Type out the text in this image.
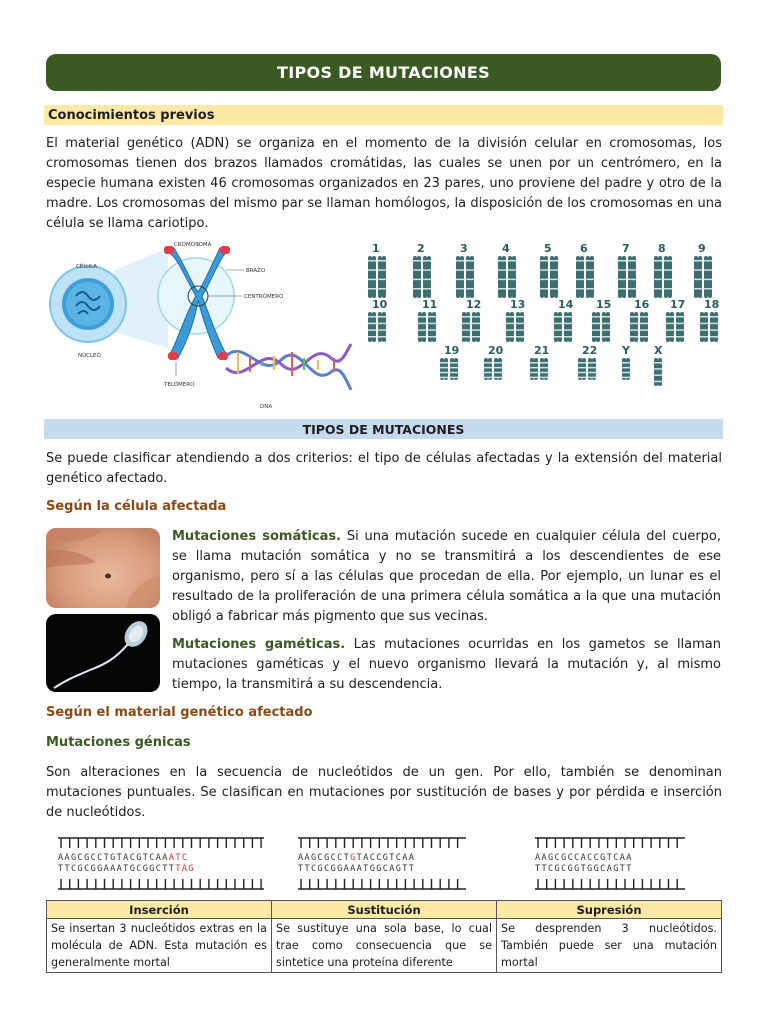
TIPOS DE MUTACIONES
Conocimientos previos
El material genético (ADN) se organiza en el momento de la división celular en cromosomas, los cromosomas tienen dos brazos llamados cromátidas, las cuales se unen por un centrómero, en la especie humana existen 46 cromosomas organizados en 23 pares, uno proviene del padre y otro de la madre. Los cromosomas del mismo par se llaman homólogos, la disposición de los cromosomas en una célula se llama cariotipo.
CÉLULA
NÚCLEO
CROMOSOMA
BRAZO
CENTRÓMERO
TELÓMERO
DNA
1	2	3	4	5	6	7	8	9
10	11	12	13	14 15 16 17 18
19	20	21	22 Y X
TIPOS DE MUTACIONES
Se puede clasificar atendiendo a dos criterios: el tipo de células afectadas y la extensión del material genético afectado.
Según la célula afectada
Mutaciones somáticas. Si una mutación sucede en cualquier célula del cuerpo, se llama mutación somática y no se transmitirá a los descendientes de ese organismo, pero sí a las células que procedan de ella. Por ejemplo, un lunar es el resultado de la proliferación de una primera célula somática a la que una mutación obligó a fabricar más pigmento que sus vecinas.
Mutaciones gaméticas. Las mutaciones ocurridas en los gametos se llaman mutaciones gaméticas y el nuevo organismo llevará la mutación y, al mismo tiempo, la transmitirá a su descendencia.
Según el material genético afectado
Mutaciones génicas
Son alteraciones en la secuencia de nucleótidos de un gen. Por ello, también se denominan mutaciones puntuales. Se clasifican en mutaciones por sustitución de bases y por pérdida e inserción de nucleótidos.
AAGCGCCTGTACGTCAAATC
TTCGCGGAAATGCGGCTTTAG
AAGCGCCTGTACCGTCAA
TTCGCGGAAATGGCAGTT
AAGCGCCACCGTCAA
TTCGCGGTGGCAGTT
Inserción	Sustitución	Supresión
Se insertan 3 nucleótidos extras en la molécula de ADN. Esta mutación es generalmente mortal	Se sustituye una sola base, lo cual trae como consecuencia que se sintetice una proteína diferente	Se desprenden 3 nucleótidos. También puede ser una mutación mortal
